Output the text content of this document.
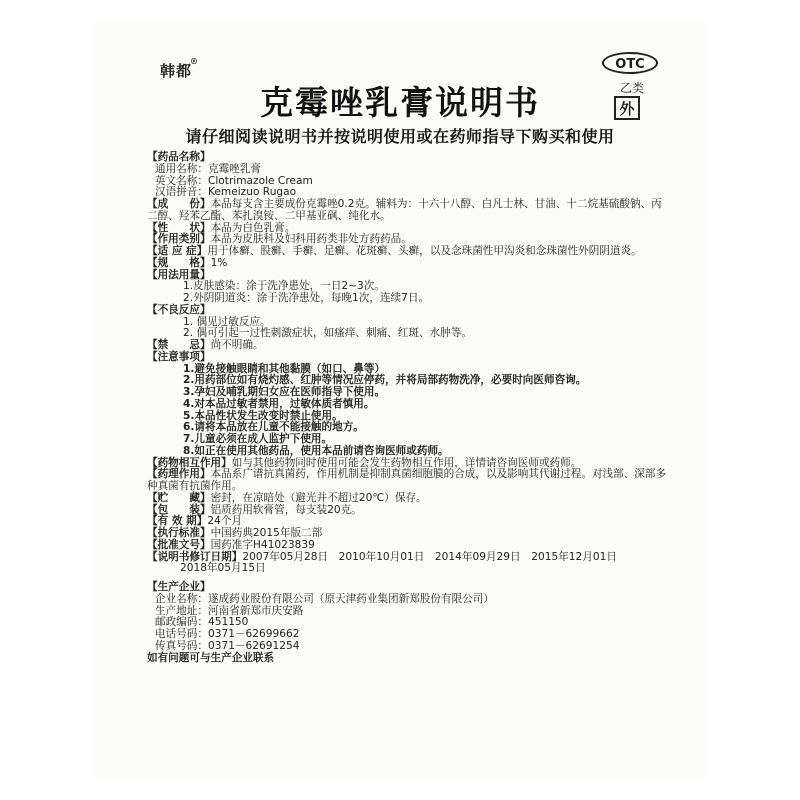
韩都
®
克霉唑乳膏说明书
OTC
乙类
外
请仔细阅读说明书并按说明使用或在药师指导下购买和使用
【药品名称】
通用名称：克霉唑乳膏
英文名称：Clotrimazole Cream
汉语拼音：Kemeizuo Rugao
【成　　份】本品每支含主要成份克霉唑0.2克。辅料为：十六十八醇、白凡士林、甘油、十二烷基硫酸钠、丙二醇、羟苯乙酯、苯扎溴铵、二甲基亚砜、纯化水。
【性　　状】本品为白色乳膏。
【作用类别】本品为皮肤科及妇科用药类非处方药药品。
【适 应 症】用于体癣、股癣、手癣、足癣、花斑癣、头癣，以及念珠菌性甲沟炎和念珠菌性外阴阴道炎。
【规　　格】1%
【用法用量】
1.皮肤感染：涂于洗净患处，一日2~3次。
2.外阴阴道炎：涂于洗净患处，每晚1次，连续7日。
【不良反应】
1. 偶见过敏反应。
2. 偶可引起一过性刺激症状，如瘙痒、刺痛、红斑、水肿等。
【禁　　忌】尚不明确。
【注意事项】
1.避免接触眼睛和其他黏膜（如口、鼻等）
2.用药部位如有烧灼感、红肿等情况应停药，并将局部药物洗净，必要时向医师咨询。
3.孕妇及哺乳期妇女应在医师指导下使用。
4.对本品过敏者禁用，过敏体质者慎用。
5.本品性状发生改变时禁止使用。
6.请将本品放在儿童不能接触的地方。
7.儿童必须在成人监护下使用。
8.如正在使用其他药品，使用本品前请咨询医师或药师。
【药物相互作用】如与其他药物同时使用可能会发生药物相互作用，详情请咨询医师或药师。
【药理作用】本品系广谱抗真菌药，作用机制是抑制真菌细胞膜的合成，以及影响其代谢过程。对浅部、深部多种真菌有抗菌作用。
【贮　　藏】密封，在凉暗处（避光并不超过20℃）保存。
【包　　装】铝质药用软膏管，每支装20克。
【有 效 期】24个月
【执行标准】中国药典2015年版二部
【批准文号】国药准字H41023839
【说明书修订日期】2007年05月28日　2010年10月01日　2014年09月29日　2015年12月01日
2018年05月15日
【生产企业】
企业名称：遂成药业股份有限公司（原天津药业集团新郑股份有限公司）
生产地址：河南省新郑市庆安路
邮政编码：451150
电话号码：0371－62699662
传真号码：0371－62691254
如有问题可与生产企业联系
